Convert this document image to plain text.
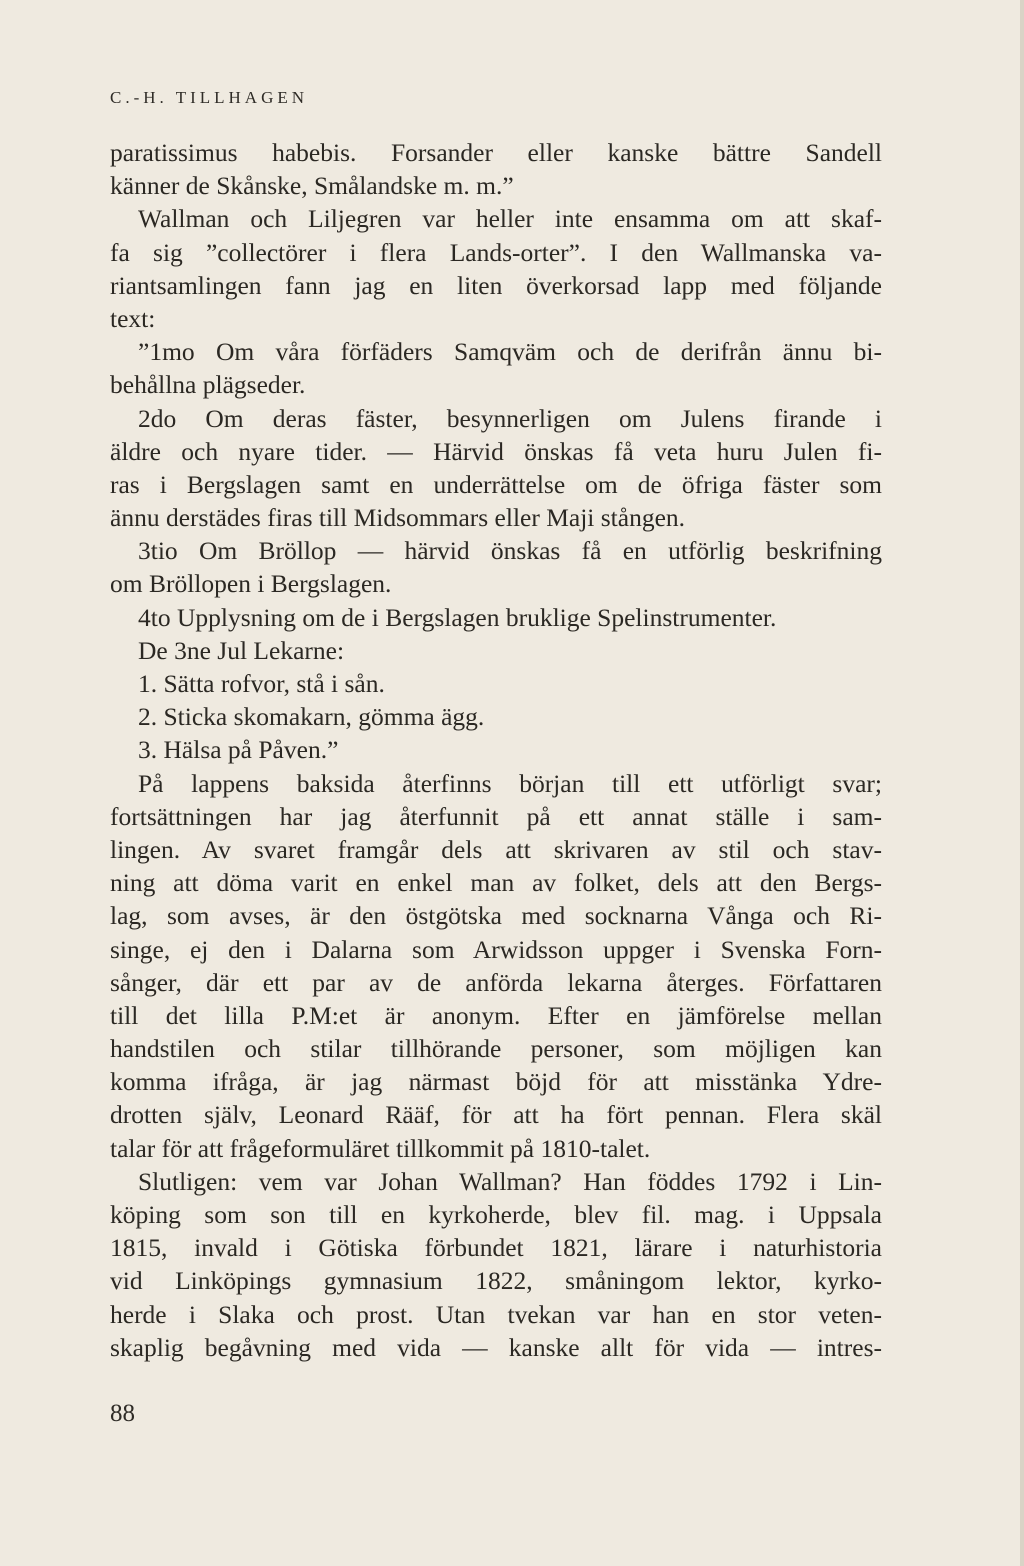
C.-H. TILLHAGEN
paratissimus habebis. Forsander eller kanske bättre Sandell
känner de Skånske, Smålandske m. m.”
Wallman och Liljegren var heller inte ensamma om att skaf-
fa sig ”collectörer i flera Lands-orter”. I den Wallmanska va-
riantsamlingen fann jag en liten överkorsad lapp med följande
text:
”1mo Om våra förfäders Samqväm och de derifrån ännu bi-
behållna plägseder.
2do Om deras fäster, besynnerligen om Julens firande i
äldre och nyare tider. — Härvid önskas få veta huru Julen fi-
ras i Bergslagen samt en underrättelse om de öfriga fäster som
ännu derstädes firas till Midsommars eller Maji stången.
3tio Om Bröllop — härvid önskas få en utförlig beskrifning
om Bröllopen i Bergslagen.
4to Upplysning om de i Bergslagen bruklige Spelinstrumenter.
De 3ne Jul Lekarne:
1. Sätta rofvor, stå i sån.
2. Sticka skomakarn, gömma ägg.
3. Hälsa på Påven.”
På lappens baksida återfinns början till ett utförligt svar;
fortsättningen har jag återfunnit på ett annat ställe i sam-
lingen. Av svaret framgår dels att skrivaren av stil och stav-
ning att döma varit en enkel man av folket, dels att den Bergs-
lag, som avses, är den östgötska med socknarna Vånga och Ri-
singe, ej den i Dalarna som Arwidsson uppger i Svenska Forn-
sånger, där ett par av de anförda lekarna återges. Författaren
till det lilla P.M:et är anonym. Efter en jämförelse mellan
handstilen och stilar tillhörande personer, som möjligen kan
komma ifråga, är jag närmast böjd för att misstänka Ydre-
drotten själv, Leonard Rääf, för att ha fört pennan. Flera skäl
talar för att frågeformuläret tillkommit på 1810-talet.
Slutligen: vem var Johan Wallman? Han föddes 1792 i Lin-
köping som son till en kyrkoherde, blev fil. mag. i Uppsala
1815, invald i Götiska förbundet 1821, lärare i naturhistoria
vid Linköpings gymnasium 1822, småningom lektor, kyrko-
herde i Slaka och prost. Utan tvekan var han en stor veten-
skaplig begåvning med vida — kanske allt för vida — intres-
88
